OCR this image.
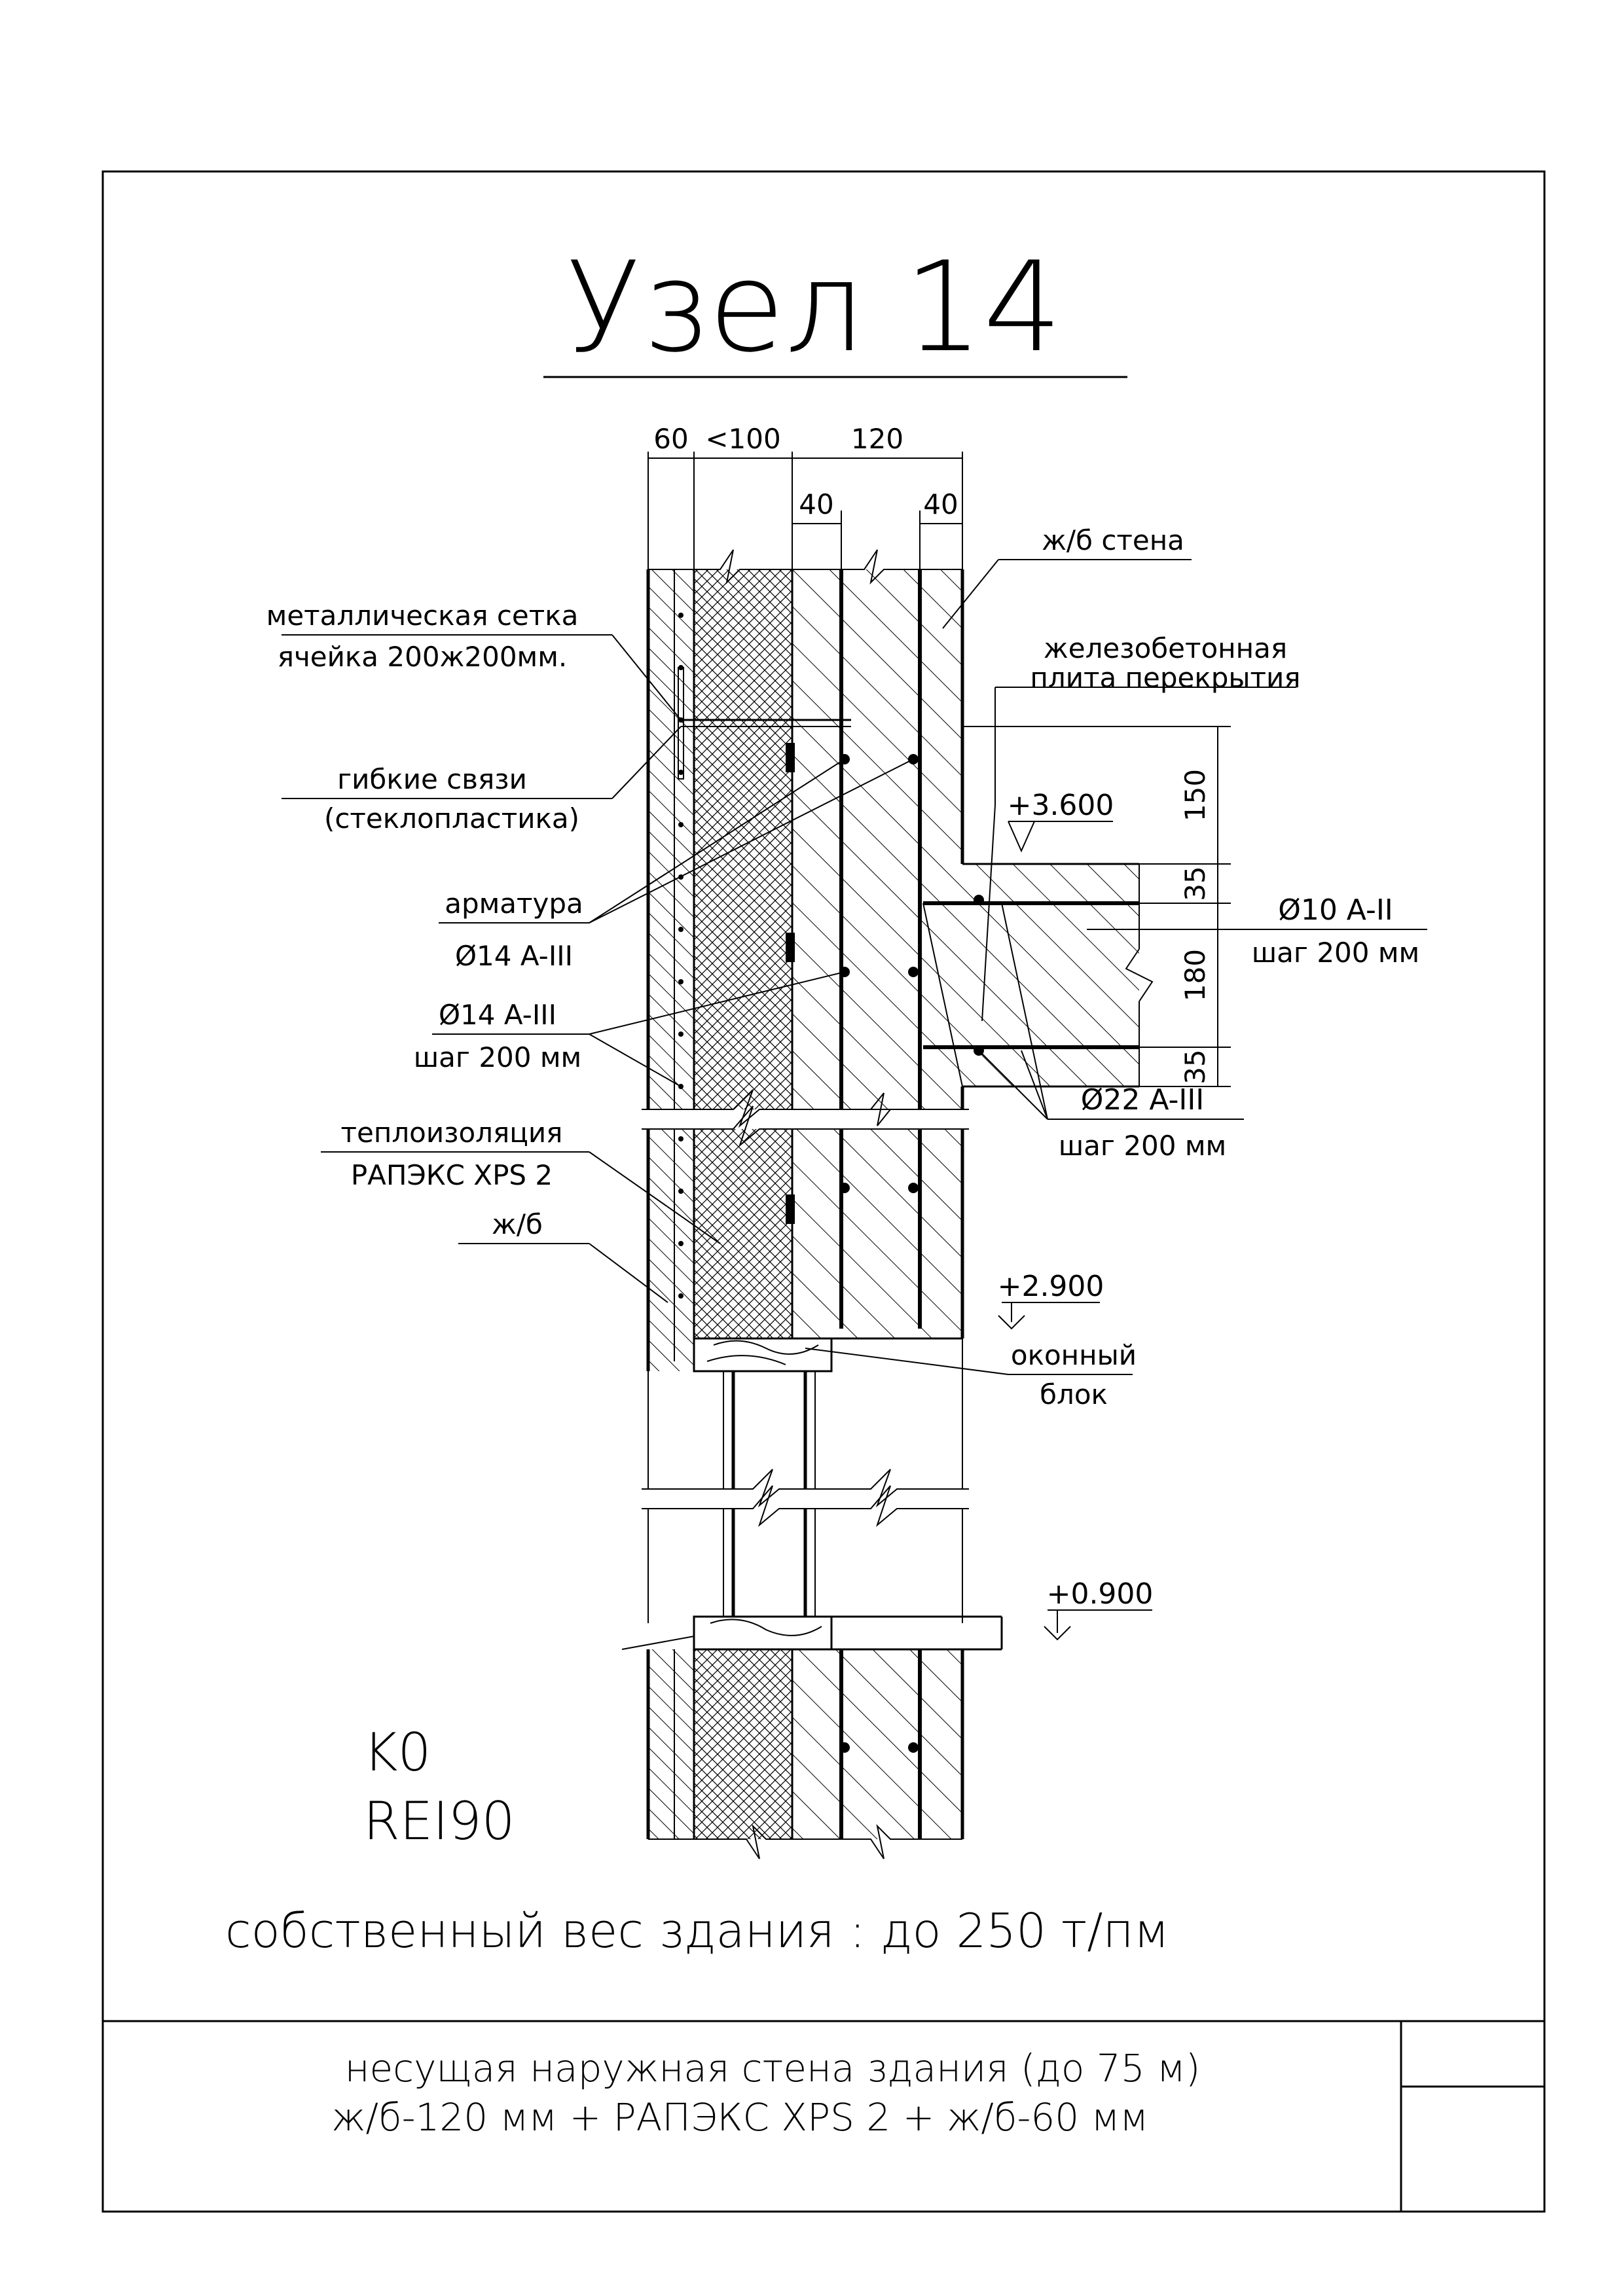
Узел 14
60 <100	120
40	40
150
35
180
35
+3.600
+2.900
+0.900
металлическая сетка
ячейка 200ж200мм.
гибкие связи
(стеклопластика)
арматура
Ø14 A-III
Ø14 A-III
шаг 200 мм
теплоизоляция
РАПЭКС XPS 2
ж/б
ж/б стена
железобетонная
плита перекрытия
Ø10 A-II
шаг 200 мм
Ø22 A-III
шаг 200 мм
оконный
блок
K0
REI90
собственный вес здания : до 250 т/пм
несущая наружная стена здания (до 75 м)
ж/б-120 мм + РАПЭКС XPS 2 + ж/б-60 мм
